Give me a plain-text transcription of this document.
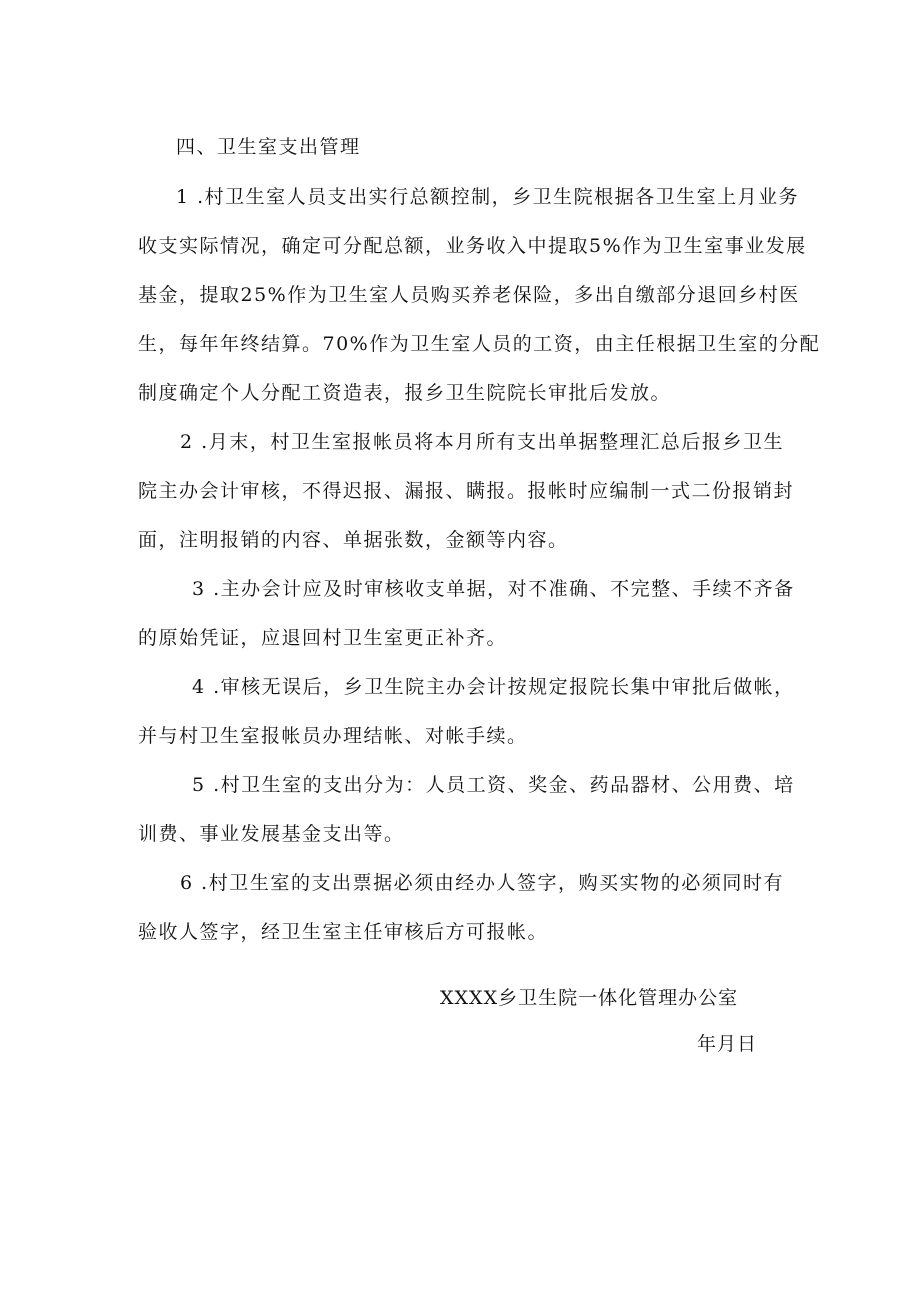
四、卫生室支出管理
1 .村卫生室人员支出实行总额控制，乡卫生院根据各卫生室上月业务
收支实际情况，确定可分配总额，业务收入中提取5%作为卫生室事业发展
基金，提取25%作为卫生室人员购买养老保险，多出自缴部分退回乡村医
生，每年年终结算。70%作为卫生室人员的工资，由主任根据卫生室的分配
制度确定个人分配工资造表，报乡卫生院院长审批后发放。
2 .月末，村卫生室报帐员将本月所有支出单据整理汇总后报乡卫生
院主办会计审核，不得迟报、漏报、瞒报。报帐时应编制一式二份报销封
面，注明报销的内容、单据张数，金额等内容。
3 .主办会计应及时审核收支单据，对不准确、不完整、手续不齐备
的原始凭证，应退回村卫生室更正补齐。
4 .审核无误后，乡卫生院主办会计按规定报院长集中审批后做帐，
并与村卫生室报帐员办理结帐、对帐手续。
5 .村卫生室的支出分为：人员工资、奖金、药品器材、公用费、培
训费、事业发展基金支出等。
6 .村卫生室的支出票据必须由经办人签字，购买实物的必须同时有
验收人签字，经卫生室主任审核后方可报帐。
XXXX乡卫生院一体化管理办公室
年月日
